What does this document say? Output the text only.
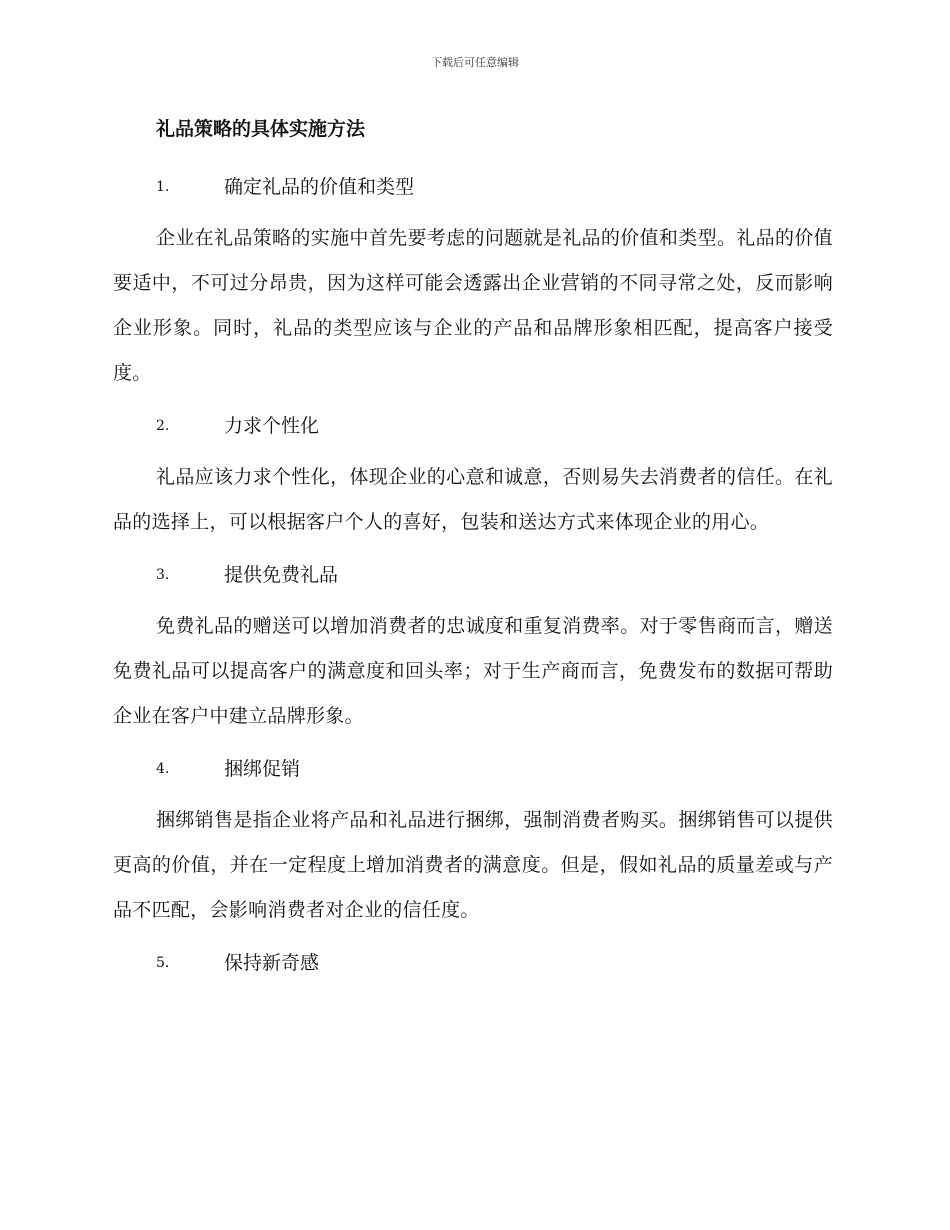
下载后可任意编辑
礼品策略的具体实施方法
1.	确定礼品的价值和类型

企业在礼品策略的实施中首先要考虑的问题就是礼品的价值和类型。礼品的价值要适中，不可过分昂贵，因为这样可能会透露出企业营销的不同寻常之处，反而影响企业形象。同时，礼品的类型应该与企业的产品和品牌形象相匹配，提高客户接受度。

2.	力求个性化

礼品应该力求个性化，体现企业的心意和诚意，否则易失去消费者的信任。在礼品的选择上，可以根据客户个人的喜好，包装和送达方式来体现企业的用心。

3.	提供免费礼品

免费礼品的赠送可以增加消费者的忠诚度和重复消费率。对于零售商而言，赠送免费礼品可以提高客户的满意度和回头率；对于生产商而言，免费发布的数据可帮助企业在客户中建立品牌形象。

4.	捆绑促销

捆绑销售是指企业将产品和礼品进行捆绑，强制消费者购买。捆绑销售可以提供更高的价值，并在一定程度上增加消费者的满意度。但是，假如礼品的质量差或与产品不匹配，会影响消费者对企业的信任度。

5.	保持新奇感
